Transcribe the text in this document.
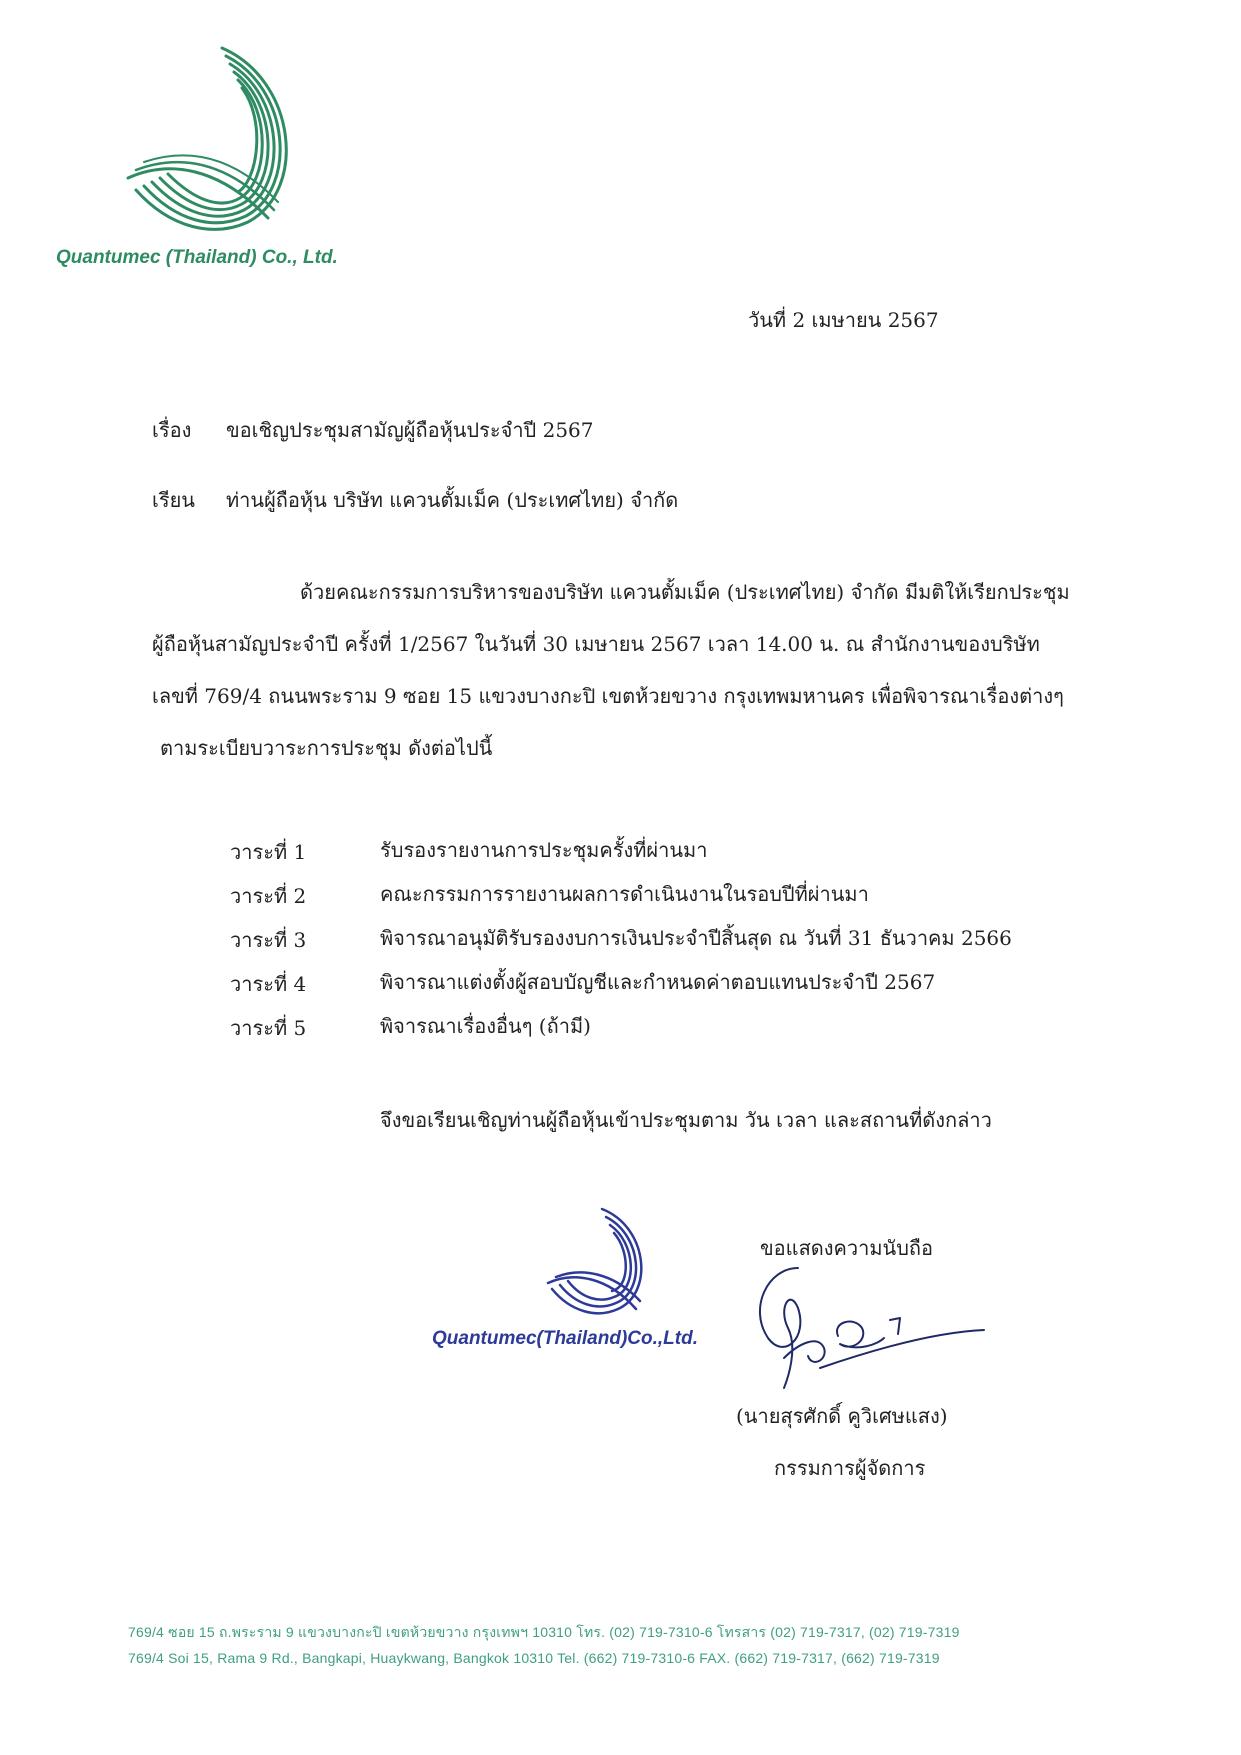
Quantumec (Thailand) Co., Ltd.
วันที่ 2 เมษายน 2567
เรื่อง ขอเชิญประชุมสามัญผู้ถือหุ้นประจำปี 2567
เรียน ท่านผู้ถือหุ้น บริษัท แควนตั้มเม็ค (ประเทศไทย) จำกัด
ด้วยคณะกรรมการบริหารของบริษัท แควนตั้มเม็ค (ประเทศไทย) จำกัด มีมติให้เรียกประชุม
ผู้ถือหุ้นสามัญประจำปี ครั้งที่ 1/2567 ในวันที่ 30 เมษายน 2567 เวลา 14.00 น. ณ สำนักงานของบริษัท
เลขที่ 769/4 ถนนพระราม 9 ซอย 15 แขวงบางกะปิ เขตห้วยขวาง กรุงเทพมหานคร เพื่อพิจารณาเรื่องต่างๆ
ตามระเบียบวาระการประชุม ดังต่อไปนี้
วาระที่ 1	รับรองรายงานการประชุมครั้งที่ผ่านมา
วาระที่ 2	คณะกรรมการรายงานผลการดำเนินงานในรอบปีที่ผ่านมา
วาระที่ 3	พิจารณาอนุมัติรับรองงบการเงินประจำปีสิ้นสุด ณ วันที่ 31 ธันวาคม 2566
วาระที่ 4	พิจารณาแต่งตั้งผู้สอบบัญชีและกำหนดค่าตอบแทนประจำปี 2567
วาระที่ 5	พิจารณาเรื่องอื่นๆ (ถ้ามี)
จึงขอเรียนเชิญท่านผู้ถือหุ้นเข้าประชุมตาม วัน เวลา และสถานที่ดังกล่าว
Quantumec(Thailand)Co.,Ltd.
ขอแสดงความนับถือ
(นายสุรศักดิ์ คูวิเศษแสง)
กรรมการผู้จัดการ
769/4 ซอย 15 ถ.พระราม 9 แขวงบางกะปิ เขตห้วยขวาง กรุงเทพฯ 10310 โทร. (02) 719-7310-6 โทรสาร (02) 719-7317, (02) 719-7319
769/4 Soi 15, Rama 9 Rd., Bangkapi, Huaykwang, Bangkok 10310 Tel. (662) 719-7310-6 FAX. (662) 719-7317, (662) 719-7319
